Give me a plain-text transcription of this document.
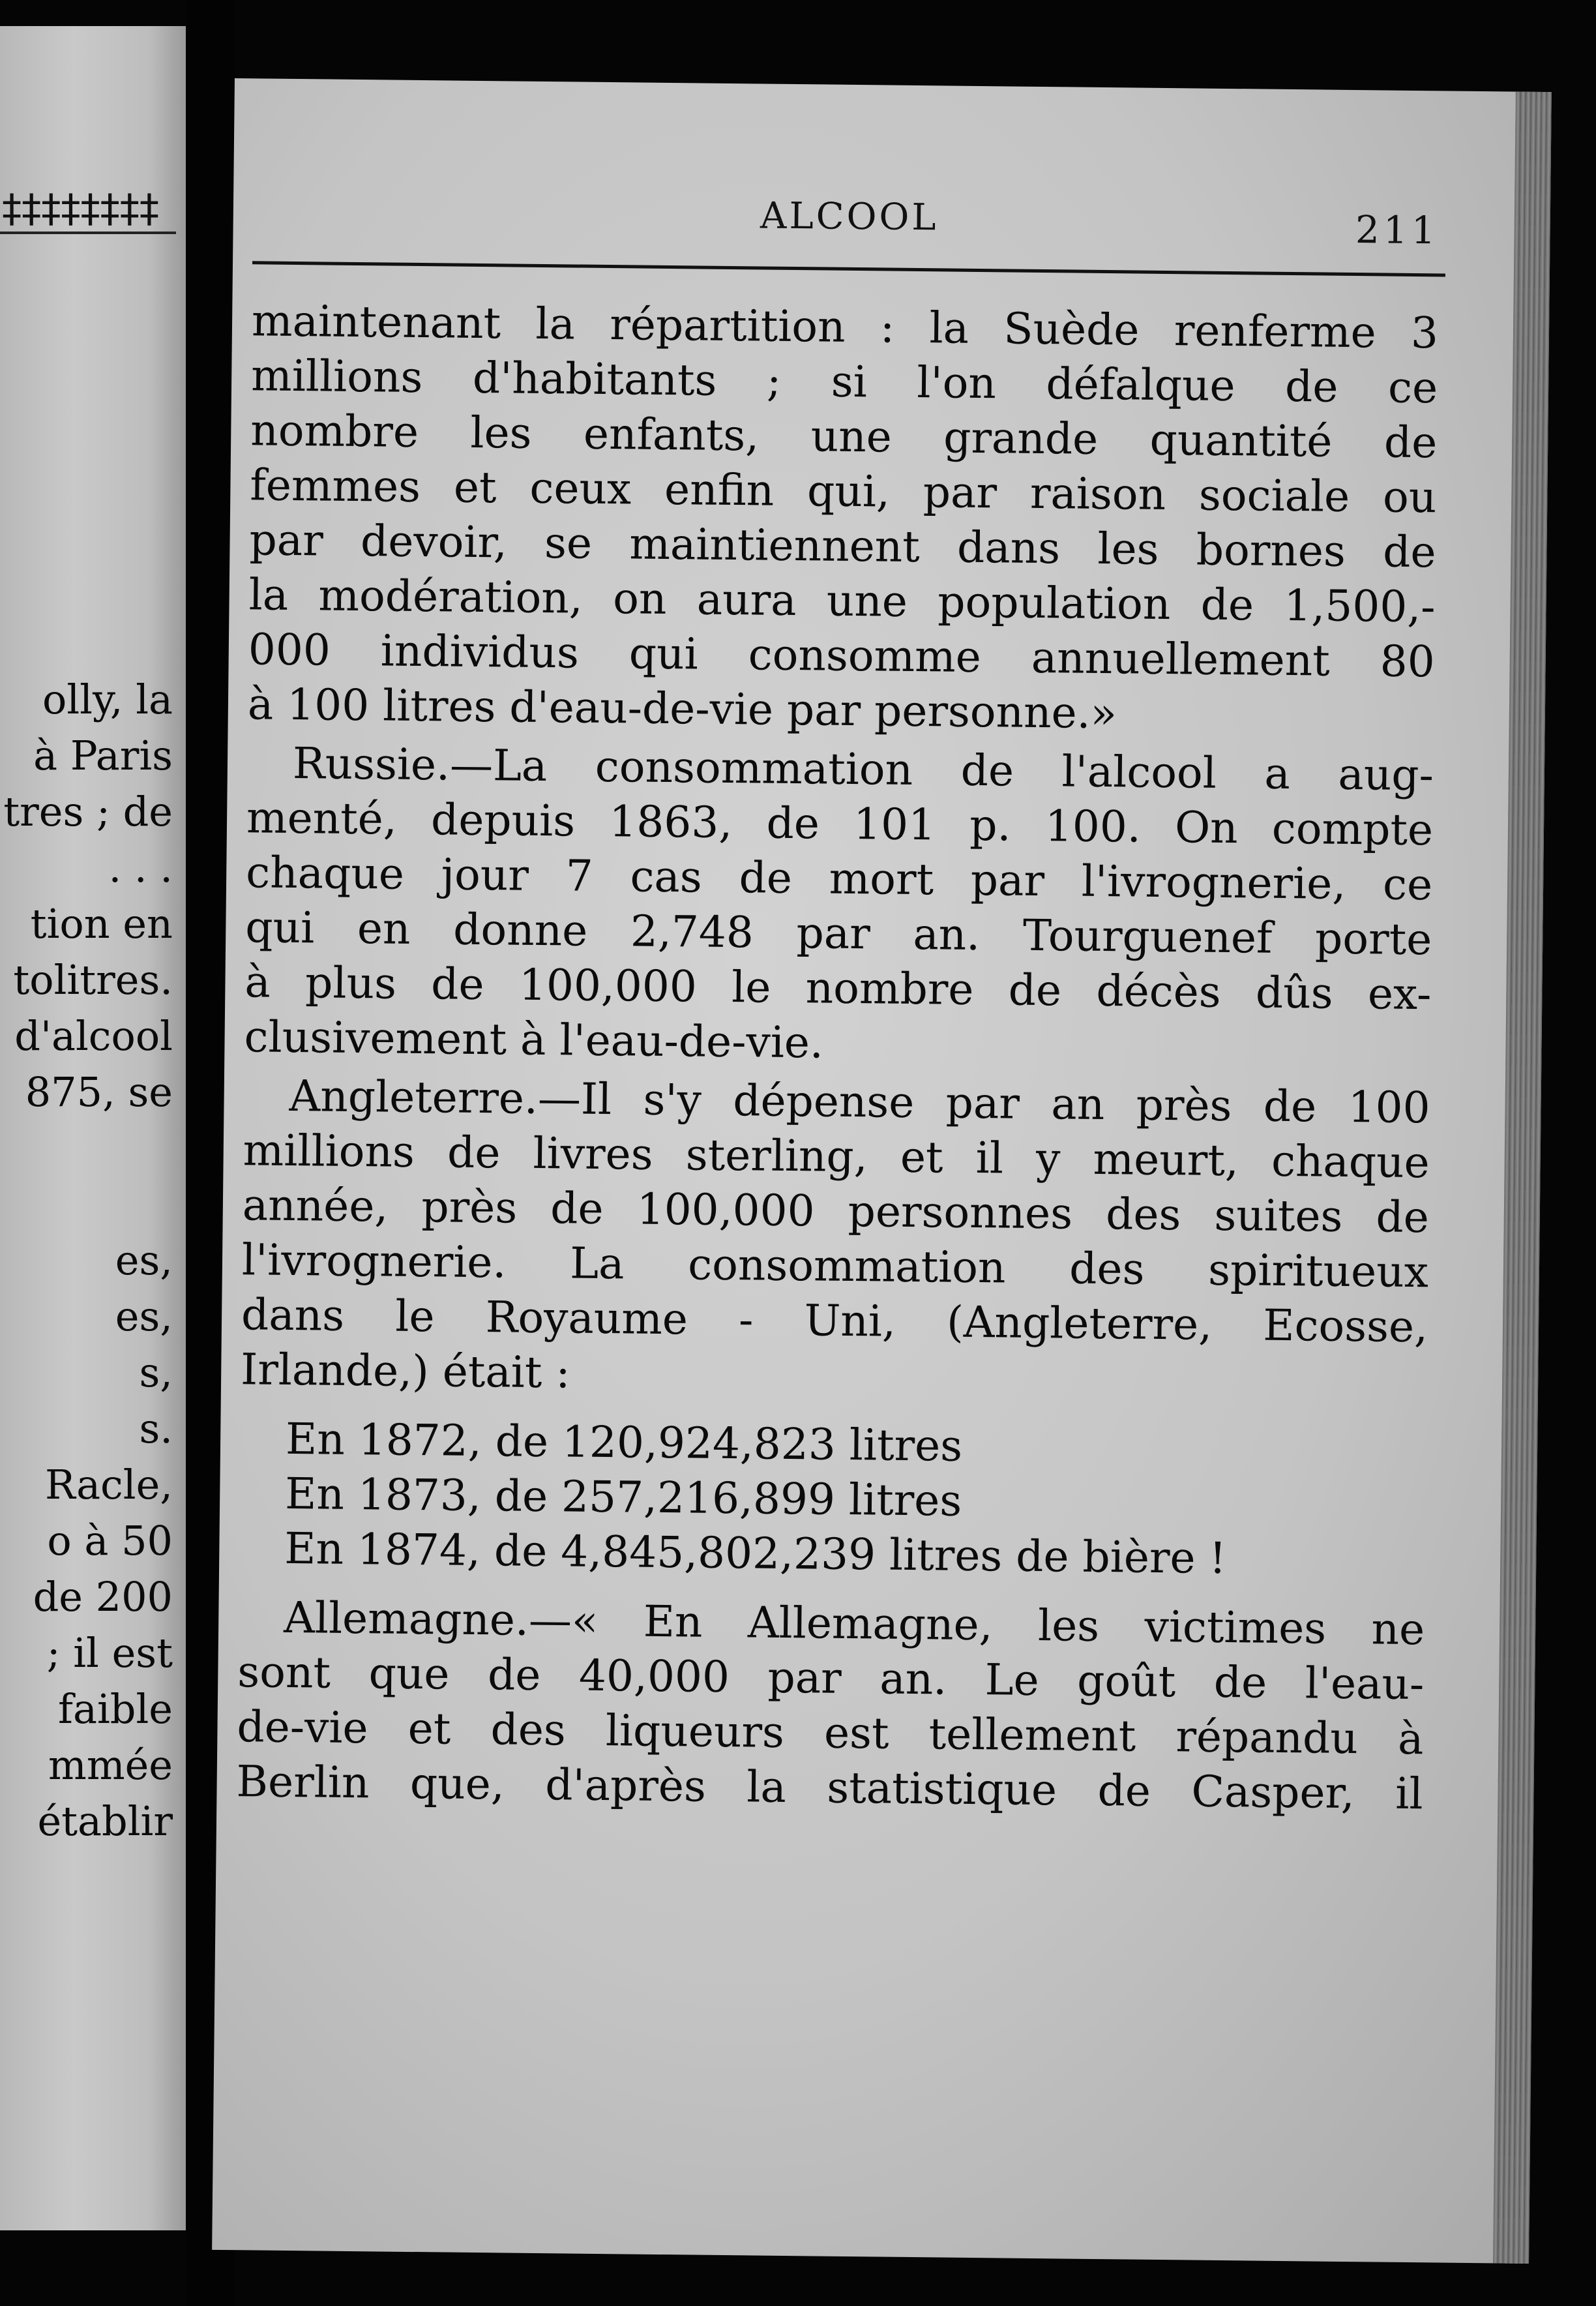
‡‡‡‡‡‡‡‡
olly, la
à Paris
tres ; de
. . .
tion en
tolitres.
d'alcool
875, se

es,
es,
s,
s.
Racle,
o à 50
de 200
; il est
faible
mmée
établir
ALCOOL	211
maintenant la répartition : la Suède renferme 3
millions d'habitants ; si l'on défalque de ce
nombre les enfants, une grande quantité de
femmes et ceux enfin qui, par raison sociale ou
par devoir, se maintiennent dans les bornes de
la modération, on aura une population de 1,500,-
000 individus qui consomme annuellement 80
à 100 litres d'eau-de-vie par personne.»
Russie.—La consommation de l'alcool a aug-
menté, depuis 1863, de 101 p. 100. On compte
chaque jour 7 cas de mort par l'ivrognerie, ce
qui en donne 2,748 par an. Tourguenef porte
à plus de 100,000 le nombre de décès dûs ex-
clusivement à l'eau-de-vie.
Angleterre.—Il s'y dépense par an près de 100
millions de livres sterling, et il y meurt, chaque
année, près de 100,000 personnes des suites de
l'ivrognerie. La consommation des spiritueux
dans le Royaume - Uni, (Angleterre, Ecosse,
Irlande,) était :
En 1872, de 120,924,823 litres
En 1873, de 257,216,899 litres
En 1874, de 4,845,802,239 litres de bière !
Allemagne.—« En Allemagne, les victimes ne
sont que de 40,000 par an. Le goût de l'eau-
de-vie et des liqueurs est tellement répandu à
Berlin que, d'après la statistique de Casper, il
